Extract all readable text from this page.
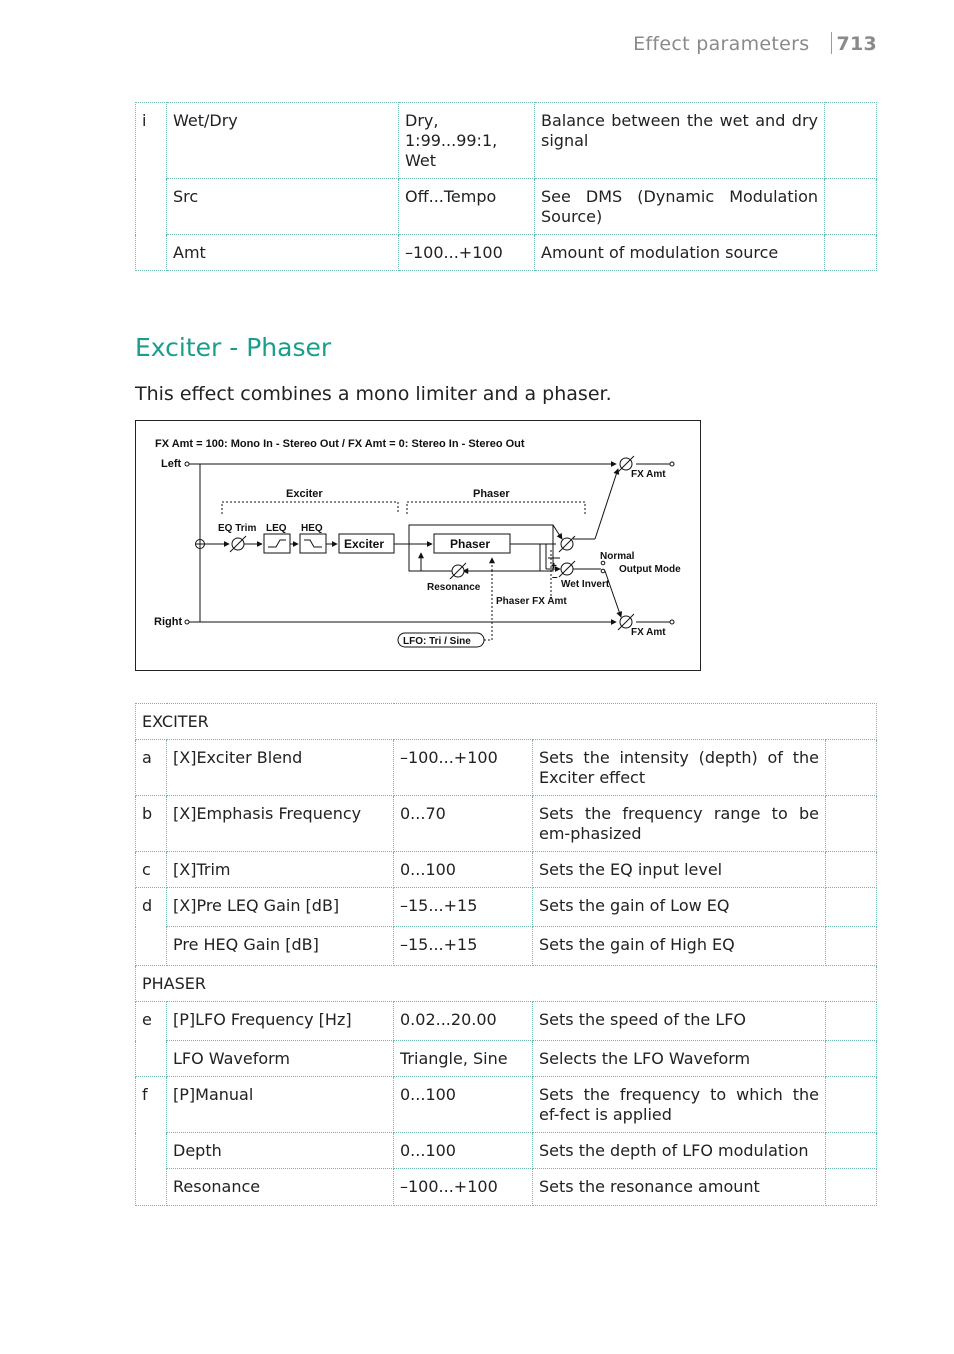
Effect parameters 713
i	Wet/Dry	Dry, 1:99...99:1, Wet	Balance between the wet and dry signal	
	Src	Off...Tempo	See DMS (Dynamic Modulation Source)	
	Amt	–100...+100	Amount of modulation source	
Exciter - Phaser

This effect combines a mono limiter and a phaser.

FX Amt = 100: Mono In - Stereo Out / FX Amt = 0: Stereo In - Stereo Out
Left
Right
Exciter	Phaser
EQ Trim LEQ HEQ
Exciter	Phaser
Resonance
Phaser FX Amt
LFO: Tri / Sine
Normal
Output Mode
Wet Invert
FX Amt
FX Amt
+
–
EXCITER				
a	[X]Exciter Blend	–100...+100	Sets the intensity (depth) of the Exciter effect	
b	[X]Emphasis Frequency	0...70	Sets the frequency range to be em-phasized	
c	[X]Trim	0...100	Sets the EQ input level	
d	[X]Pre LEQ Gain [dB]	–15...+15	Sets the gain of Low EQ	
	Pre HEQ Gain [dB]	–15...+15	Sets the gain of High EQ	
PHASER				
e	[P]LFO Frequency [Hz]	0.02...20.00	Sets the speed of the LFO	
	LFO Waveform	Triangle, Sine	Selects the LFO Waveform	
f	[P]Manual	0...100	Sets the frequency to which the ef-fect is applied	
	Depth	0...100	Sets the depth of LFO modulation	
	Resonance	–100...+100	Sets the resonance amount	
